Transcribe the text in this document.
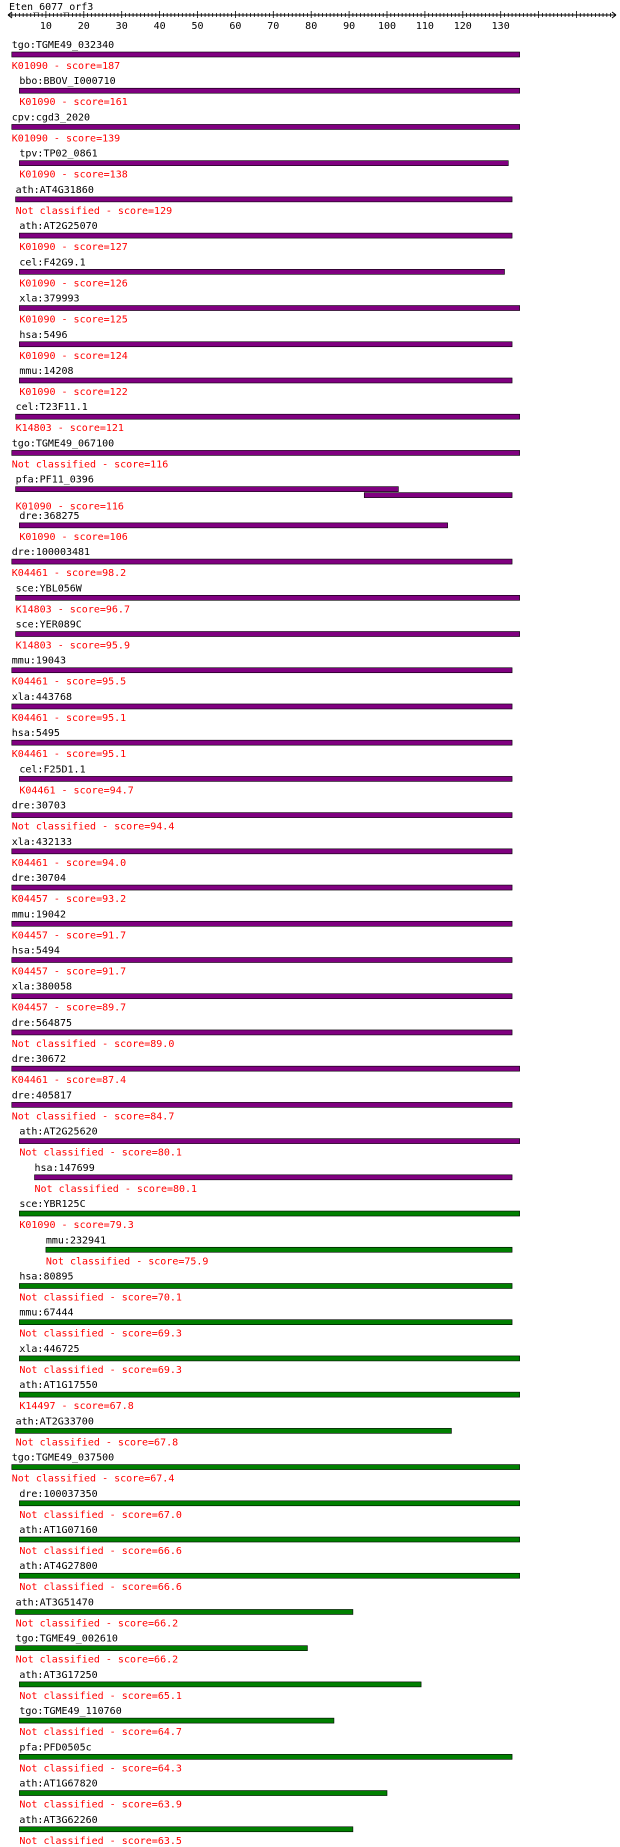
Eten_6077_orf3
10	20	30	40	50	60	70	80	90 100 110 120 130
tgo:TGME49_032340
K01090 - score=187
bbo:BBOV_I000710
K01090 - score=161
cpv:cgd3_2020
K01090 - score=139
tpv:TP02_0861
K01090 - score=138
ath:AT4G31860
Not classified - score=129
ath:AT2G25070
K01090 - score=127
cel:F42G9.1
K01090 - score=126
xla:379993
K01090 - score=125
hsa:5496
K01090 - score=124
mmu:14208
K01090 - score=122
cel:T23F11.1
K14803 - score=121
tgo:TGME49_067100
Not classified - score=116
pfa:PF11_0396
K01090 - score=116
dre:368275
K01090 - score=106
dre:100003481
K04461 - score=98.2
sce:YBL056W
K14803 - score=96.7
sce:YER089C
K14803 - score=95.9
mmu:19043
K04461 - score=95.5
xla:443768
K04461 - score=95.1
hsa:5495
K04461 - score=95.1
cel:F25D1.1
K04461 - score=94.7
dre:30703
Not classified - score=94.4
xla:432133
K04461 - score=94.0
dre:30704
K04457 - score=93.2
mmu:19042
K04457 - score=91.7
hsa:5494
K04457 - score=91.7
xla:380058
K04457 - score=89.7
dre:564875
Not classified - score=89.0
dre:30672
K04461 - score=87.4
dre:405817
Not classified - score=84.7
ath:AT2G25620
Not classified - score=80.1
hsa:147699
Not classified - score=80.1
sce:YBR125C
K01090 - score=79.3
mmu:232941
Not classified - score=75.9
hsa:80895
Not classified - score=70.1
mmu:67444
Not classified - score=69.3
xla:446725
Not classified - score=69.3
ath:AT1G17550
K14497 - score=67.8
ath:AT2G33700
Not classified - score=67.8
tgo:TGME49_037500
Not classified - score=67.4
dre:100037350
Not classified - score=67.0
ath:AT1G07160
Not classified - score=66.6
ath:AT4G27800
Not classified - score=66.6
ath:AT3G51470
Not classified - score=66.2
tgo:TGME49_002610
Not classified - score=66.2
ath:AT3G17250
Not classified - score=65.1
tgo:TGME49_110760
Not classified - score=64.7
pfa:PFD0505c
Not classified - score=64.3
ath:AT1G67820
Not classified - score=63.9
ath:AT3G62260
Not classified - score=63.5
